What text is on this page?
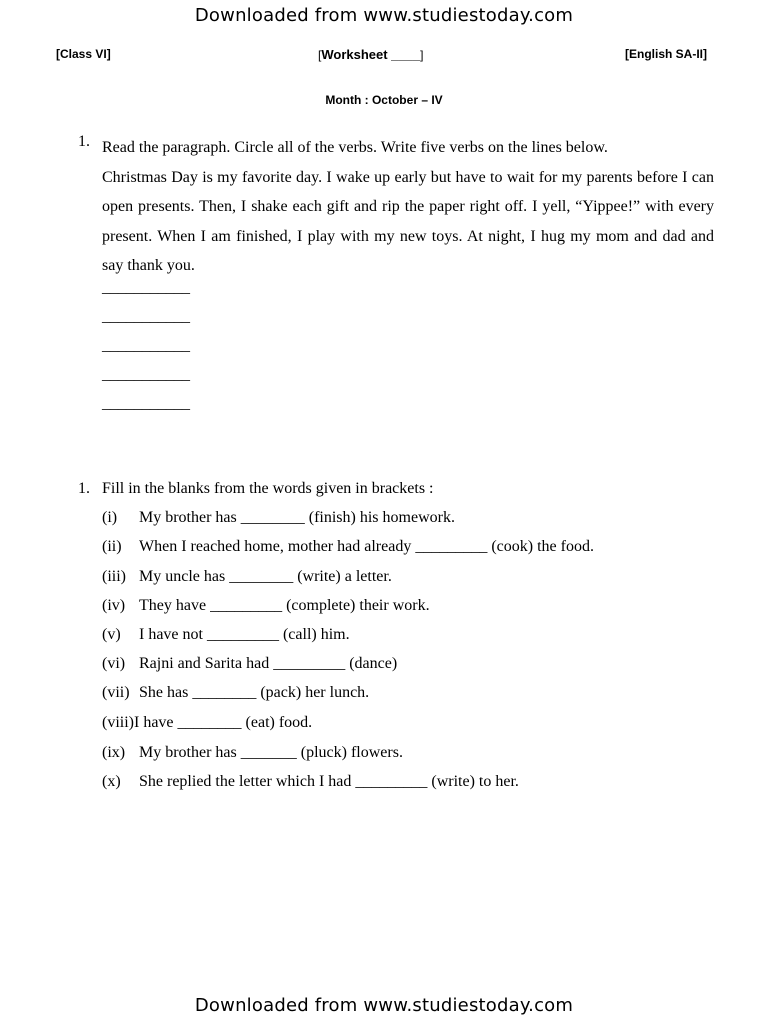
Downloaded from www.studiestoday.com
[Class VI]	[Worksheet ____]	[English SA-II]
Month : October – IV
1. Read the paragraph. Circle all of the verbs. Write five verbs on the lines below.

Christmas Day is my favorite day. I wake up early but have to wait for my parents before I can open presents. Then, I shake each gift and rip the paper right off. I yell, “Yippee!” with every present. When I am finished, I play with my new toys. At night, I hug my mom and dad and say thank you.

___________
___________
___________
___________
___________
1. Fill in the blanks from the words given in brackets :
(i) My brother has ________ (finish) his homework.
(ii) When I reached home, mother had already _________ (cook) the food.
(iii) My uncle has ________ (write) a letter.
(iv) They have _________ (complete) their work.
(v) I have not _________ (call) him.
(vi) Rajni and Sarita had _________ (dance)
(vii) She has ________ (pack) her lunch.
(viii)I have ________ (eat) food.
(ix) My brother has _______ (pluck) flowers.
(x) She replied the letter which I had _________ (write) to her.
Downloaded from www.studiestoday.com
